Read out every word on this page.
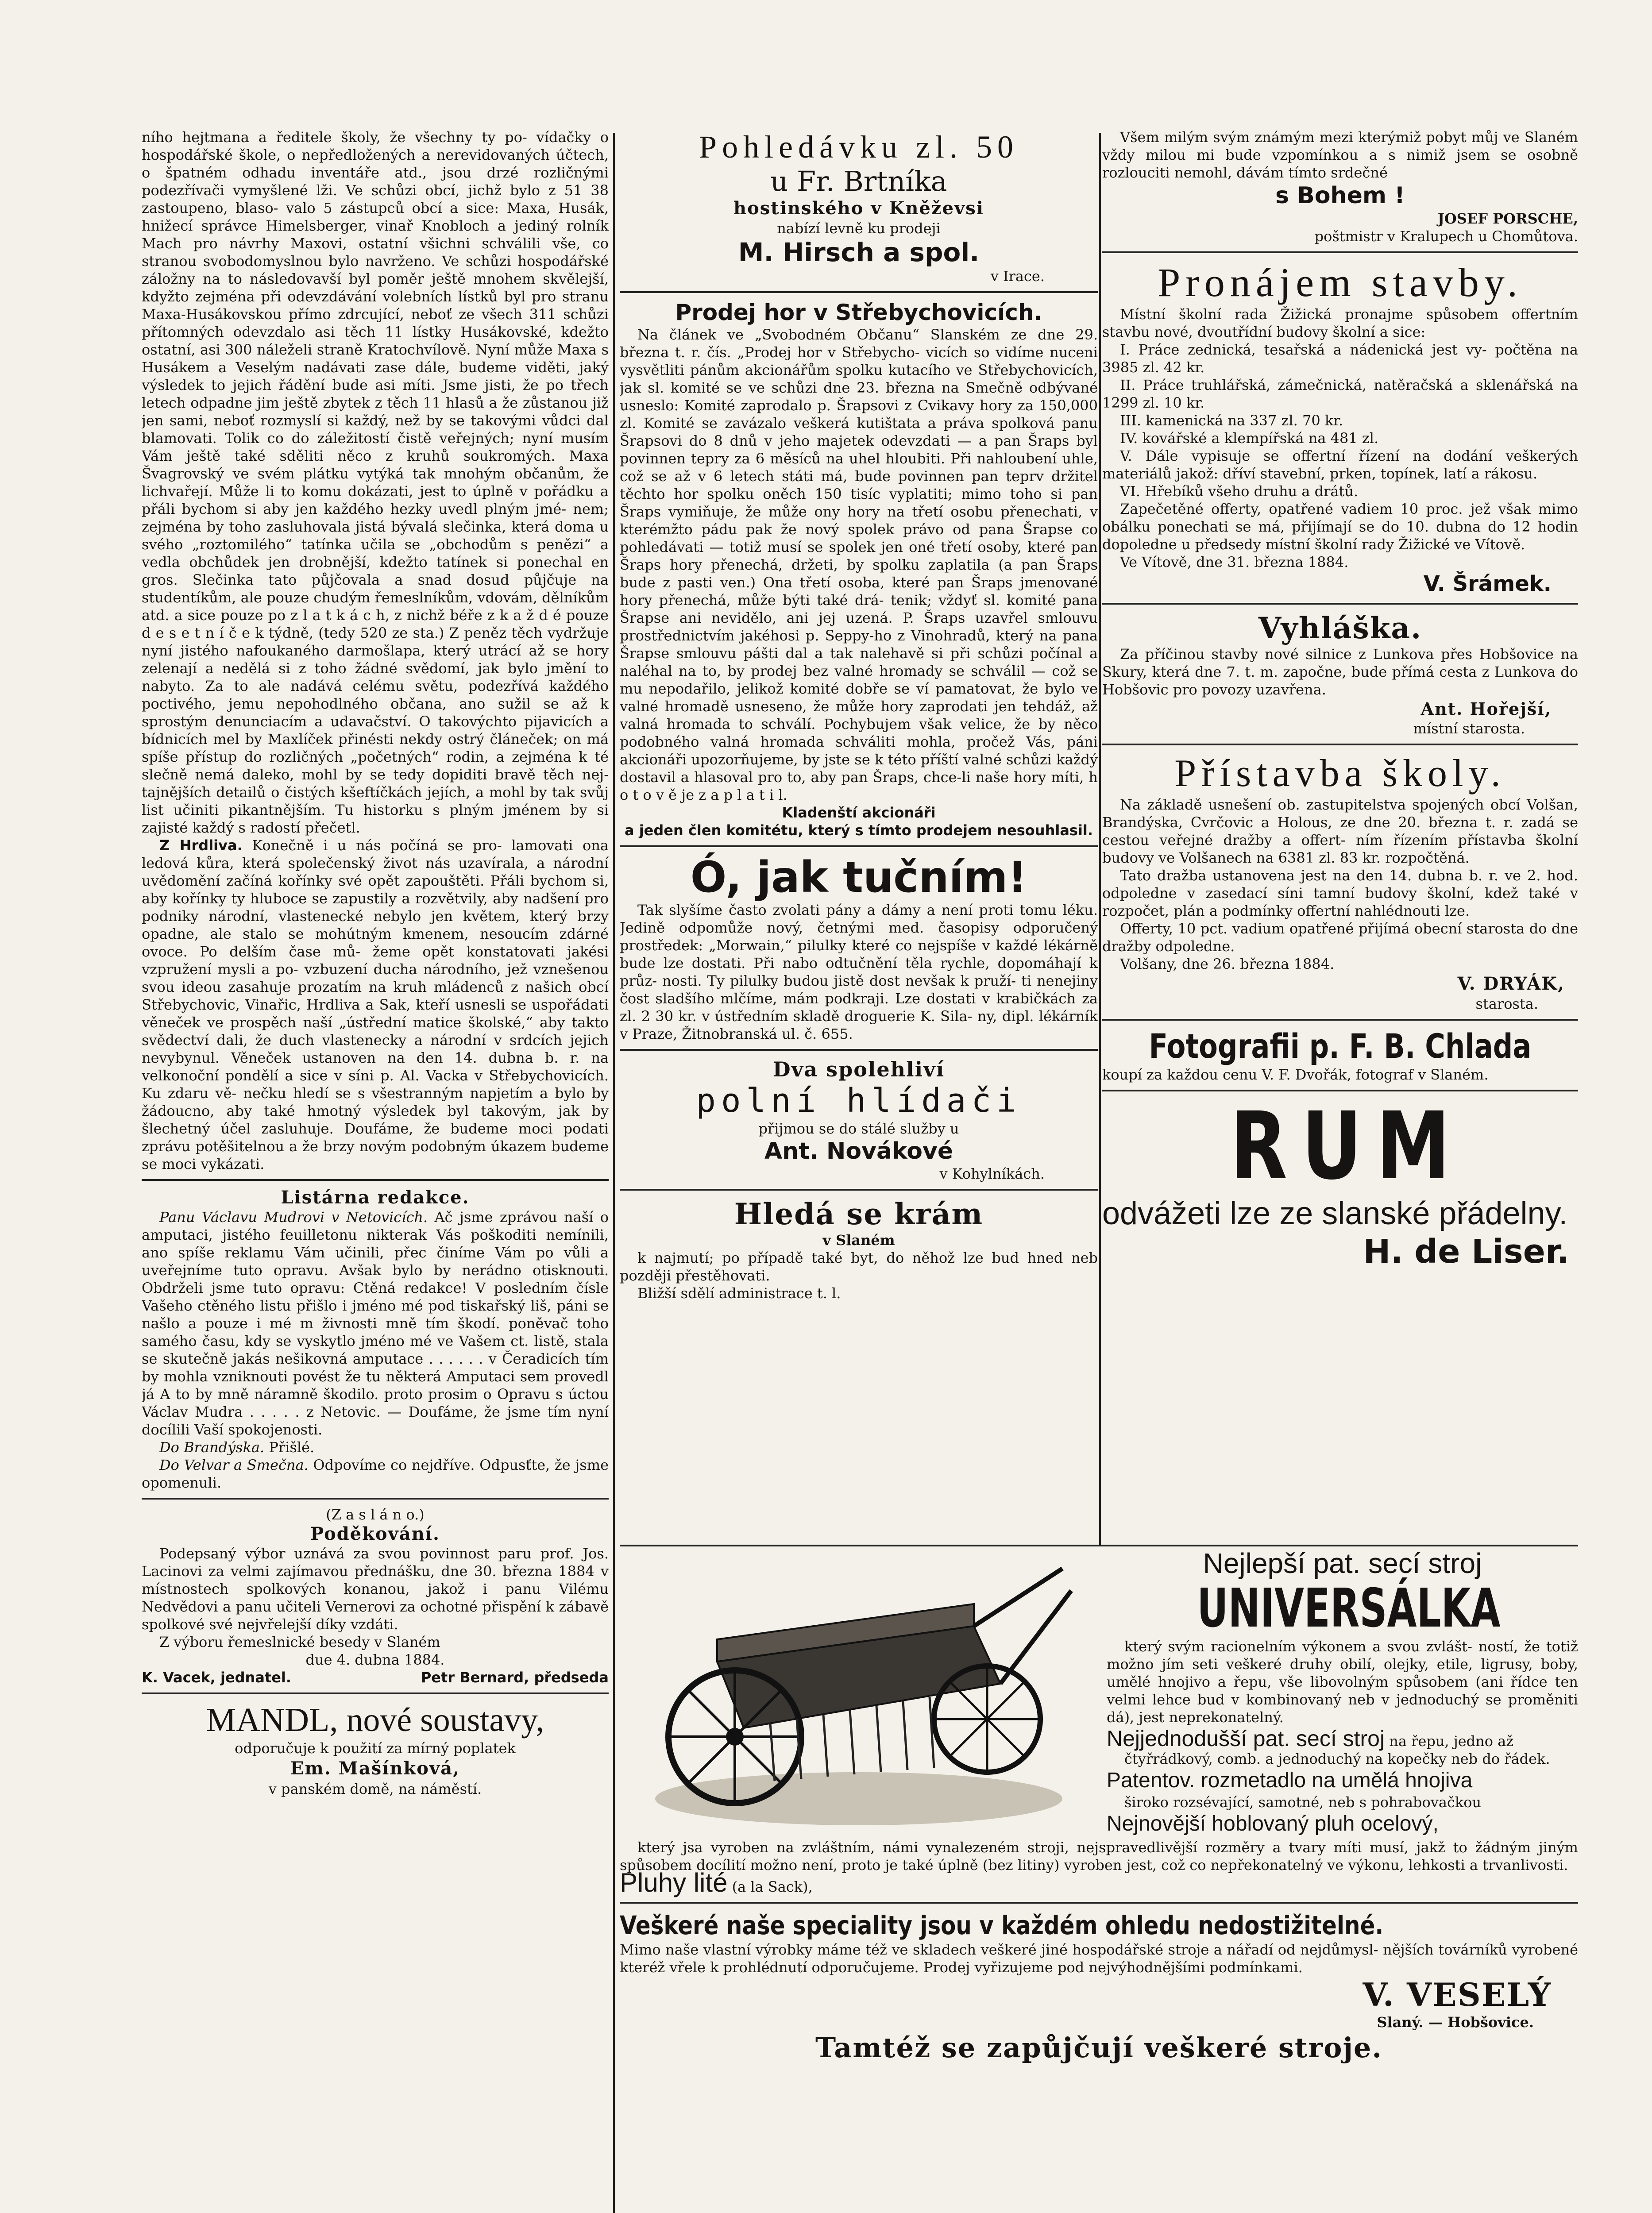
ního hejtmana a ředitele školy, že všechny ty po- vídačky o hospodářské škole, o nepředložených a nerevidovaných účtech, o špatném odhadu inventáře atd., jsou drzé rozličnými podezřívači vymyšlené lži. Ve schůzi obcí, jichž bylo z 51 38 zastoupeno, blaso- valo 5 zástupců obcí a sice: Maxa, Husák, hnižecí správce Himelsberger, vinař Knobloch a jediný rolník Mach pro návrhy Maxovi, ostatní všichni schválili vše, co stranou svobodomyslnou bylo navrženo. Ve schůzi hospodářské záložny na to následovavší byl poměr ještě mnohem skvělejší, kdyžto zejména při odevzdávání volebních lístků byl pro stranu Maxa-Husákovskou přímo zdrcující, neboť ze všech 311 schůzi přítomných odevzdalo asi těch 11 lístky Husákovské, kdežto ostatní, asi 300 náleželi straně Kratochvílově. Nyní může Maxa s Husákem a Veselým nadávati zase dále, budeme viděti, jaký výsledek to jejich řádění bude asi míti. Jsme jisti, že po třech letech odpadne jim ještě zbytek z těch 11 hlasů a že zůstanou již jen sami, neboť rozmyslí si každý, než by se takovými vůdci dal blamovati. Tolik co do záležitostí čistě veřejných; nyní musím Vám ještě také sděliti něco z kruhů soukromých. Maxa Švagrovský ve svém plátku vytýká tak mnohým občanům, že lichvařejí. Může li to komu dokázati, jest to úplně v pořádku a přáli bychom si aby jen každého hezky uvedl plným jmé- nem; zejména by toho zasluhovala jistá bývalá slečinka, která doma u svého „roztomilého“ tatínka učila se „obchodům s penězi“ a vedla obchůdek jen drobnější, kdežto tatínek si ponechal en gros. Slečinka tato půjčovala a snad dosud půjčuje na studentíkům, ale pouze chudým řemeslníkům, vdovám, dělníkům atd. a sice pouze po z l a t k á c h, z nichž béře z k a ž d é pouze d e s e t n í č e k týdně, (tedy 520 ze sta.) Z peněz těch vydržuje nyní jistého nafoukaného darmošlapa, který utrácí až se hory zelenají a nedělá si z toho žádné svědomí, jak bylo jmění to nabyto. Za to ale nadává celému světu, podezřívá každého poctivého, jemu nepohodlného občana, ano sužil se až k sprostým denunciacím a udavačství. O takovýchto pijavicích a bídnicích mel by Maxlíček přinésti nekdy ostrý článeček; on má spíše přístup do rozličných „početných“ rodin, a zejména k té slečně nemá daleko, mohl by se tedy dopiditi bravě těch nej- tajnějších detailů o čistých kšeftíčkách jejích, a mohl by tak svůj list učiniti pikantnějším. Tu historku s plným jménem by si zajisté každý s radostí přečetl.

Z Hrdliva. Konečně i u nás počíná se pro- lamovati ona ledová kůra, která společenský život nás uzavírala, a národní uvědomění začíná kořínky své opět zapouštěti. Přáli bychom si, aby kořínky ty hluboce se zapustily a rozvětvily, aby nadšení pro podniky národní, vlastenecké nebylo jen květem, který brzy opadne, ale stalo se mohútným kmenem, nesoucím zdárné ovoce. Po delším čase mů- žeme opět konstatovati jakési vzpružení mysli a po- vzbuzení ducha národního, jež vznešenou svou ideou zasahuje prozatím na kruh mládenců z našich obcí Střebychovic, Vinařic, Hrdliva a Sak, kteří usnesli se uspořádati věneček ve prospěch naší „ústřední matice školské,“ aby takto svědectví dali, že duch vlastenecky a národní v srdcích jejich nevybynul. Věneček ustanoven na den 14. dubna b. r. na velkonoční pondělí a sice v síni p. Al. Vacka v Střebychovicích. Ku zdaru vě- nečku hledí se s všestranným napjetím a bylo by žádoucno, aby také hmotný výsledek byl takovým, jak by šlechetný účel zasluhuje. Doufáme, že budeme moci podati zprávu potěšitelnou a že brzy novým podobným úkazem budeme se moci vykázati.

Listárna redakce.

Panu Václavu Mudrovi v Netovicích. Ač jsme zprávou naší o amputaci, jistého feuilletonu nikterak Vás poškoditi nemínili, ano spíše reklamu Vám učinili, přec činíme Vám po vůli a uveřejníme tuto opravu. Avšak bylo by nerádno otisknouti. Obdrželi jsme tuto opravu: Ctěná redakce! V posledním čísle Vašeho ctěného listu přišlo i jméno mé pod tiskařský liš, páni se našlo a pouze i mé m živnosti mně tím škodí. poněvač toho samého času, kdy se vyskytlo jméno mé ve Vašem ct. listě, stala se skutečně jakás nešikovná amputace . . . . . . v Čeradicích tím by mohla vzniknouti povést že tu některá Amputaci sem provedl já A to by mně náramně škodilo. proto prosim o Opravu s úctou Václav Mudra . . . . . z Netovic. — Doufáme, že jsme tím nyní docílili Vaší spokojenosti.

Do Brandýska. Přišlé.

Do Velvar a Smečna. Odpovíme co nejdříve. Odpusťte, že jsme opomenuli.

(Z a s l á n o.)

Poděkování.

Podepsaný výbor uznává za svou povinnost paru prof. Jos. Lacinovi za velmi zajímavou přednášku, dne 30. března 1884 v místnostech spolkových konanou, jakož i panu Vilému Nedvědovi a panu učiteli Vernerovi za ochotné přispění k zábavě spolkové své nejvřelejší díky vzdáti.

Z výboru řemeslnické besedy v Slaném

due 4. dubna 1884.

K. Vacek, jednatel.	Petr Bernard, předseda

MANDL, nové soustavy,

odporučuje k použití za mírný poplatek

Em. Mašínková,

v panském domě, na náměstí.

Pohledávku zl. 50

u Fr. Brtníka

hostinského v Kněževsi

nabízí levně ku prodeji

M. Hirsch a spol.

v Irace.

Prodej hor v Střebychovicích.

Na článek ve „Svobodném Občanu“ Slanském ze dne 29. března t. r. čís. „Prodej hor v Střebycho- vicích so vidíme nuceni vysvětliti pánům akcionářům spolku kutacího ve Střebychovicích, jak sl. komité se ve schůzi dne 23. března na Smečně odbývané usneslo: Komité zaprodalo p. Šrapsovi z Cvikavy hory za 150,000 zl. Komité se zavázalo veškerá kutištata a práva spolková panu Šrapsovi do 8 dnů v jeho majetek odevzdati — a pan Šraps byl povinnen tepry za 6 měsíců na uhel hloubiti. Při nahloubení uhle, což se až v 6 letech státi má, bude povinnen pan teprv držitel těchto hor spolku oněch 150 tisíc vyplatiti; mimo toho si pan Šraps vymiňuje, že může ony hory na třetí osobu přenechati, v kterémžto pádu pak že nový spolek právo od pana Šrapse co pohledávati — totiž musí se spolek jen oné třetí osoby, které pan Šraps hory přenechá, držeti, by spolku zaplatila (a pan Šraps bude z pasti ven.) Ona třetí osoba, které pan Šraps jmenované hory přenechá, může býti také drá- tenik; vždyť sl. komité pana Šrapse ani nevidělo, ani jej uzená. P. Šraps uzavřel smlouvu prostřednictvím jakéhosi p. Seppy-ho z Vinohradů, který na pana Šrapse smlouvu pášti dal a tak nalehavě si při schůzi počínal a naléhal na to, by prodej bez valné hromady se schválil — což se mu nepodařilo, jelikož komité dobře se ví pamatovat, že bylo ve valné hromadě usneseno, že může hory zaprodati jen tehdáž, až valná hromada to schválí. Pochybujem však velice, že by něco podobného valná hromada schváliti mohla, pročež Vás, páni akcionáři upozorňujeme, by jste se k této příští valné schůzi každý dostavil a hlasoval pro to, aby pan Šraps, chce-li naše hory míti, h o t o v ě je z a p l a t i l.

Kladenští akcionáři

a jeden člen komitétu, který s tímto prodejem nesouhlasil.

Ó, jak tučním!

Tak slyšíme často zvolati pány a dámy a není proti tomu léku. Jedině odpomůže nový, četnými med. časopisy odporučený prostředek: „Morwain,“ pilulky které co nejspíše v každé lékárně bude lze dostati. Při nabo odtučnění těla rychle, dopomáhají k průz- nosti. Ty pilulky budou jistě dost nevšak k pruží- ti nenejiny čost sladšího mlčíme, mám podkraji. Lze dostati v krabičkách za zl. 2 30 kr. v ústředním skladě droguerie K. Sila- ny, dipl. lékárník v Praze, Žitnobranská ul. č. 655.

Dva spolehliví

polní hlídači

přijmou se do stálé služby u

Ant. Novákové

v Kohylníkách.

Hledá se krám

v Slaném

k najmutí; po případě také byt, do něhož lze bud hned neb později přestěhovati.

Bližší sdělí administrace t. l.

Všem milým svým známým mezi kterýmiž pobyt můj ve Slaném vždy milou mi bude vzpomínkou a s nimiž jsem se osobně rozlouciti nemohl, dávám tímto srdečné

s Bohem !

JOSEF PORSCHE,

poštmistr v Kralupech u Chomůtova.

Pronájem stavby.

Místní školní rada Žižická pronajme spůsobem offertním stavbu nové, dvoutřídní budovy školní a sice:

I. Práce zednická, tesařská a nádenická jest vy- počtěna na 3985 zl. 42 kr.

II. Práce truhlářská, zámečnická, natěračská a sklenářská na 1299 zl. 10 kr.

III. kamenická na 337 zl. 70 kr.

IV. kovářské a klempířská na 481 zl.

V. Dále vypisuje se offertní řízení na dodání veškerých materiálů jakož: dříví stavební, prken, topínek, latí a rákosu.

VI. Hřebíků všeho druhu a drátů.

Zapečetěné offerty, opatřené vadiem 10 proc. jež však mimo obálku ponechati se má, přijímají se do 10. dubna do 12 hodin dopoledne u předsedy místní školní rady Žižické ve Vítově.

Ve Vítově, dne 31. března 1884.

V. Šrámek.

Vyhláška.

Za příčinou stavby nové silnice z Lunkova přes Hobšovice na Skury, která dne 7. t. m. započne, bude přímá cesta z Lunkova do Hobšovic pro povozy uzavřena.

Ant. Hořejší,

místní starosta.

Přístavba školy.

Na základě usnešení ob. zastupitelstva spojených obcí Volšan, Brandýska, Cvrčovic a Holous, ze dne 20. března t. r. zadá se cestou veřejné dražby a offert- ním řízením přístavba školní budovy ve Volšanech na 6381 zl. 83 kr. rozpočtěná.

Tato dražba ustanovena jest na den 14. dubna b. r. ve 2. hod. odpoledne v zasedací síni tamní budovy školní, kdež také v rozpočet, plán a podmínky offertní nahlédnouti lze.

Offerty, 10 pct. vadium opatřené přijímá obecní starosta do dne dražby odpoledne.

Volšany, dne 26. března 1884.

V. DRYÁK,

starosta.

Fotografii p. F. B. Chlada

koupí za každou cenu V. F. Dvořák, fotograf v Slaném.

RUM

odvážeti lze ze slanské přádelny.

H. de Liser.

Nejlepší pat. secí stroj

UNIVERSÁLKA

který svým racionelním výkonem a svou zvlášt- ností, že totiž možno jím seti veškeré druhy obilí, olejky, etile, ligrusy, boby, umělé hnojivo a řepu, vše libovolným spůsobem (ani řídce ten velmi lehce bud v kombinovaný neb v jednoduchý se proměniti dá), jest neprekonatelný.

Nejjednodušší pat. secí stroj na řepu, jedno až

čtyřrádkový, comb. a jednoduchý na kopečky neb do řádek.

Patentov. rozmetadlo na umělá hnojiva

široko rozsévající, samotné, neb s pohrabovačkou

Nejnovější hoblovaný pluh ocelový,

který jsa vyroben na zvláštním, námi vynalezeném stroji, nejspravedlivější rozměry a tvary míti musí, jakž to žádným jiným spůsobem docílití možno není, proto je také úplně (bez litiny) vyroben jest, což co nepřekonatelný ve výkonu, lehkosti a trvanlivosti.

Pluhy lité (a la Sack),

Veškeré naše speciality jsou v každém ohledu nedostižitelné.

Mimo naše vlastní výrobky máme též ve skladech veškeré jiné hospodářské stroje a nářadí od nejdůmysl- nějších továrníků vyrobené kteréž vřele k prohlédnutí odporučujeme. Prodej vyřizujeme pod nejvýhodnějšími podmínkami.

V. VESELÝ

Slaný. — Hobšovice.

Tamtéž se zapůjčují veškeré stroje.
